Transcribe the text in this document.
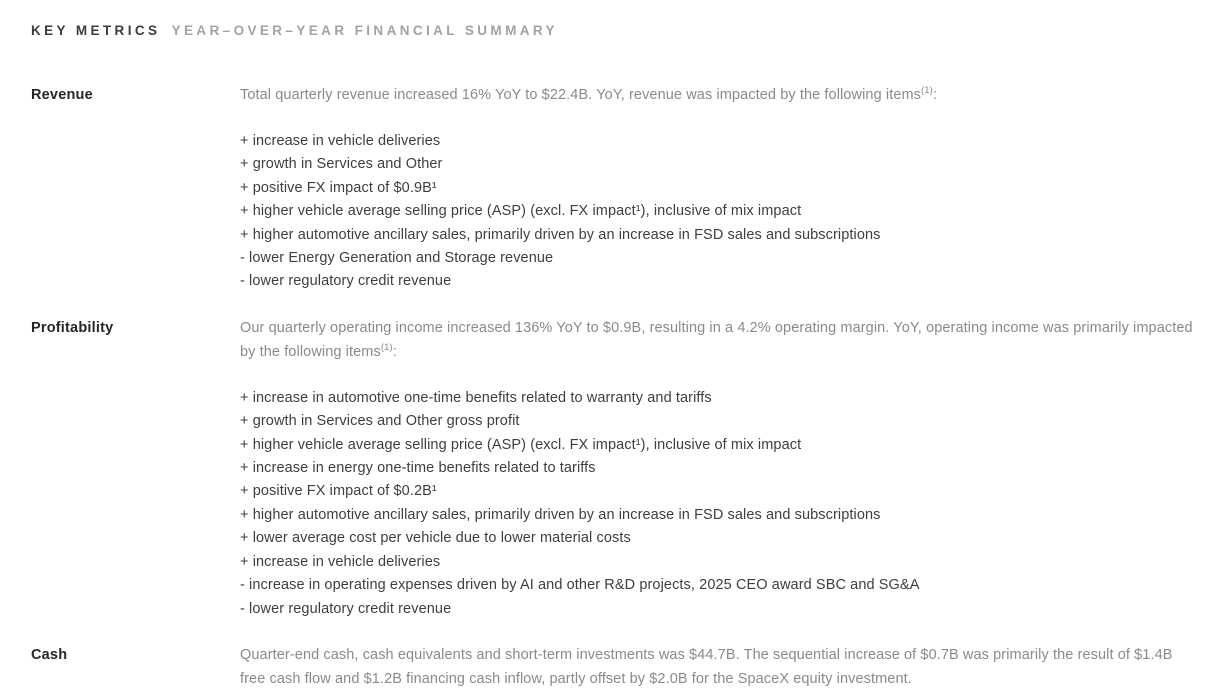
KEY METRICS YEAR–OVER–YEAR FINANCIAL SUMMARY
Revenue	Total quarterly revenue increased 16% YoY to $22.4B. YoY, revenue was impacted by the following items$^{(1)}$:

+ increase in vehicle deliveries
+ growth in Services and Other
+ positive FX impact of $0.9B¹
+ higher vehicle average selling price (ASP) (excl. FX impact¹), inclusive of mix impact
+ higher automotive ancillary sales, primarily driven by an increase in FSD sales and subscriptions
- lower Energy Generation and Storage revenue
- lower regulatory credit revenue
Profitability	Our quarterly operating income increased 136% YoY to $0.9B, resulting in a 4.2% operating margin. YoY, operating income was primarily impacted by the following items$^{(1)}$:

+ increase in automotive one-time benefits related to warranty and tariffs
+ growth in Services and Other gross profit
+ higher vehicle average selling price (ASP) (excl. FX impact¹), inclusive of mix impact
+ increase in energy one-time benefits related to tariffs
+ positive FX impact of $0.2B¹
+ higher automotive ancillary sales, primarily driven by an increase in FSD sales and subscriptions
+ lower average cost per vehicle due to lower material costs
+ increase in vehicle deliveries
- increase in operating expenses driven by AI and other R&D projects, 2025 CEO award SBC and SG&A
- lower regulatory credit revenue
Cash	Quarter-end cash, cash equivalents and short-term investments was $44.7B. The sequential increase of $0.7B was primarily the result of $1.4B free cash flow and $1.2B financing cash inflow, partly offset by $2.0B for the SpaceX equity investment.
